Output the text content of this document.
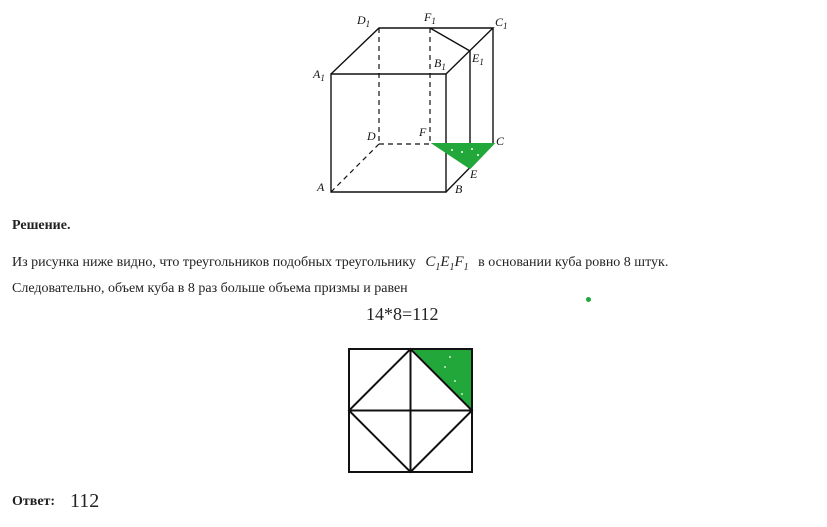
$D_1$	$F_1$	$C_1$
$A_1$
$B_1$
$E_1$
D	F
C
A	B
E
Решение.
Из рисунка ниже видно, что треугольников подобных треугольнику $C_1E_1F_1$ в основании куба ровно 8 штук.
Следовательно, объем куба в 8 раз больше объема призмы и равен
14*8=112
Ответ: 112
